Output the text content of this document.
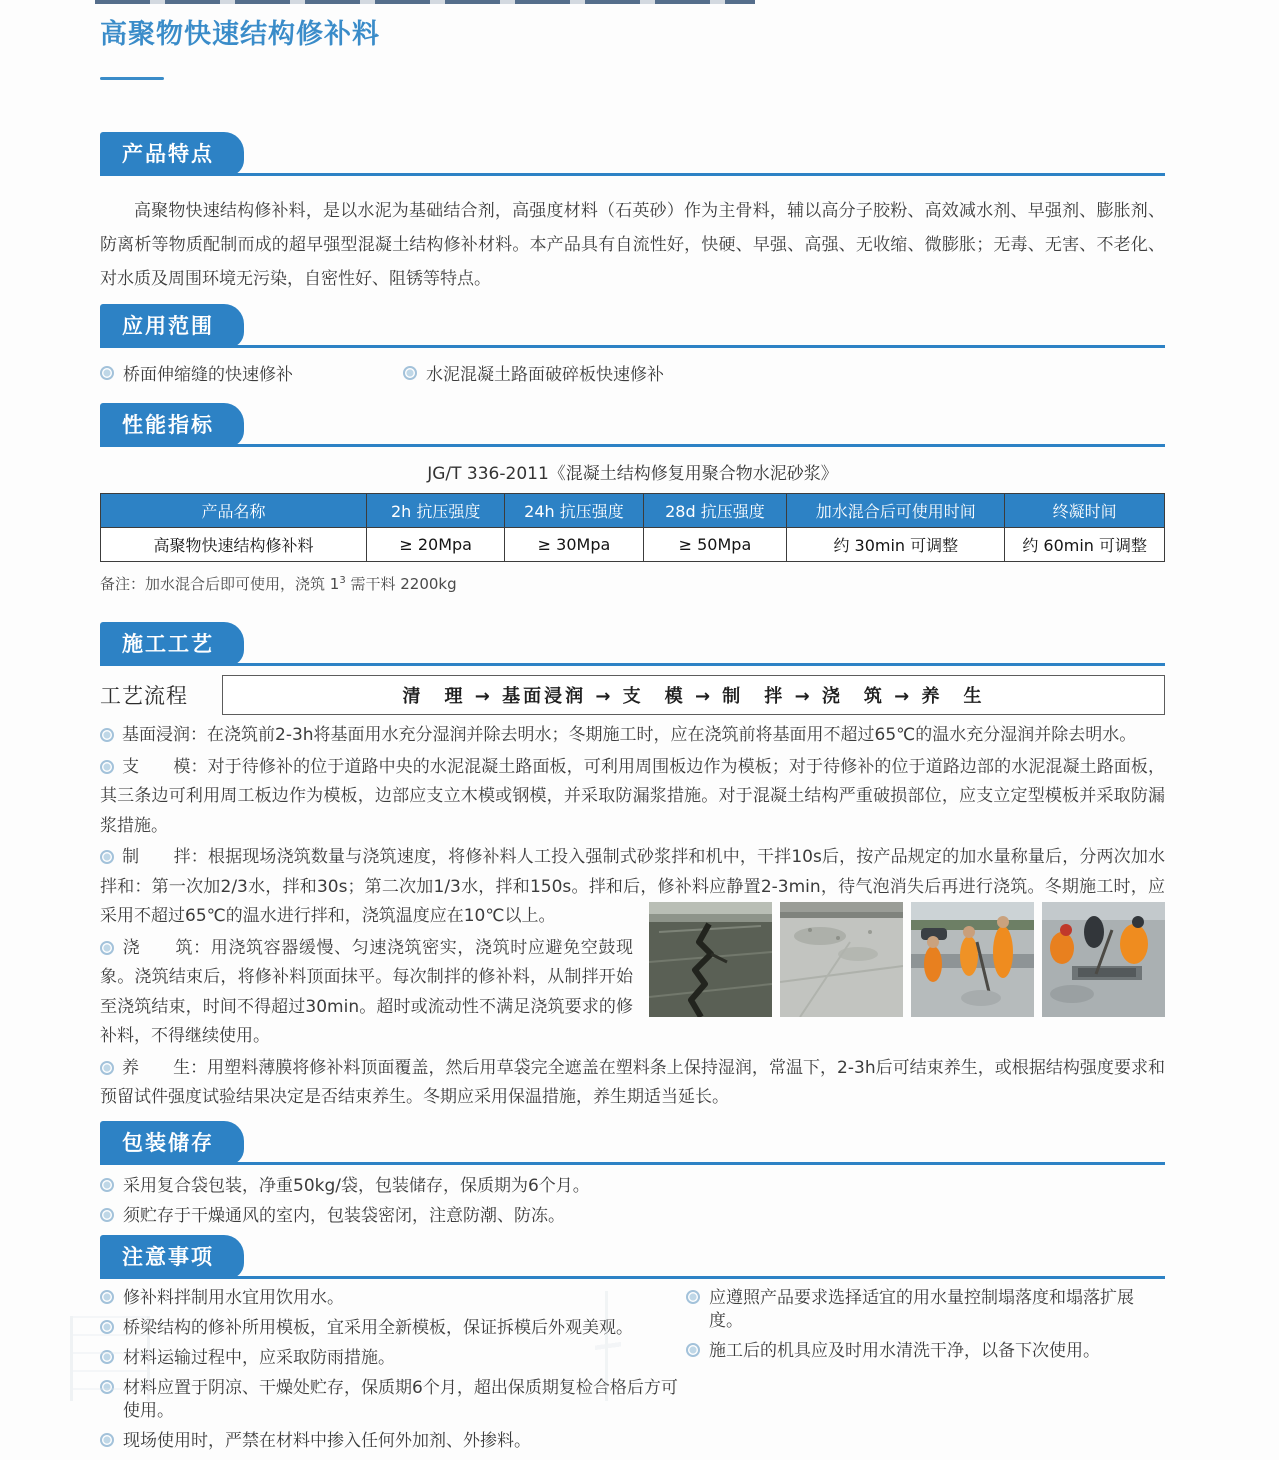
高聚物快速结构修补料
产品特点

高聚物快速结构修补料，是以水泥为基础结合剂，高强度材料（石英砂）作为主骨料，辅以高分子胶粉、高效减水剂、早强剂、膨胀剂、防离析等物质配制而成的超早强型混凝土结构修补材料。本产品具有自流性好，快硬、早强、高强、无收缩、微膨胀；无毒、无害、不老化、对水质及周围环境无污染，自密性好、阻锈等特点。

应用范围
桥面伸缩缝的快速修补	水泥混凝土路面破碎板快速修补
性能指标
JG/T 336-2011《混凝土结构修复用聚合物水泥砂浆》
产品名称	2h 抗压强度	24h 抗压强度	28d 抗压强度	加水混合后可使用时间	终凝时间
高聚物快速结构修补料	≥ 20Mpa	≥ 30Mpa	≥ 50Mpa	约 30min 可调整	约 60min 可调整
备注：加水混合后即可使用，浇筑 $1^3$ 需干料 2200kg
施工工艺
工艺流程	清　理 → 基面浸润 → 支　模 → 制　拌 → 浇　筑 → 养　生

基面浸润：在浇筑前2-3h将基面用水充分湿润并除去明水；冬期施工时，应在浇筑前将基面用不超过65℃的温水充分湿润并除去明水。

支　　模：对于待修补的位于道路中央的水泥混凝土路面板，可利用周围板边作为模板；对于待修补的位于道路边部的水泥混凝土路面板，其三条边可利用周工板边作为模板，边部应支立木模或钢模，并采取防漏浆措施。对于混凝土结构严重破损部位，应支立定型模板并采取防漏浆措施。

制　　拌：根据现场浇筑数量与浇筑速度，将修补料人工投入强制式砂浆拌和机中，干拌10s后，按产品规定的加水量称量后，分两次加水拌和：第一次加2/3水，拌和30s；第二次加1/3水，拌和150s。拌和后，修补料应静置2-3min，待气泡消失后再进行浇筑。冬期施工时，应采用不超过65℃的温水进行拌和，浇筑温度应在10℃以上。

浇　　筑：用浇筑容器缓慢、匀速浇筑密实，浇筑时应避免空鼓现象。浇筑结束后，将修补料顶面抹平。每次制拌的修补料，从制拌开始至浇筑结束，时间不得超过30min。超时或流动性不满足浇筑要求的修补料，不得继续使用。

养　　生：用塑料薄膜将修补料顶面覆盖，然后用草袋完全遮盖在塑料条上保持湿润，常温下，2-3h后可结束养生，或根据结构强度要求和预留试件强度试验结果决定是否结束养生。冬期应采用保温措施，养生期适当延长。

包装储存
采用复合袋包装，净重50kg/袋，包装储存，保质期为6个月。
须贮存于干燥通风的室内，包装袋密闭，注意防潮、防冻。
注意事项
修补料拌制用水宜用饮用水。
桥梁结构的修补所用模板，宜采用全新模板，保证拆模后外观美观。
材料运输过程中，应采取防雨措施。
材料应置于阴凉、干燥处贮存，保质期6个月，超出保质期复检合格后方可使用。
现场使用时，严禁在材料中掺入任何外加剂、外掺料。
应遵照产品要求选择适宜的用水量控制塌落度和塌落扩展度。
施工后的机具应及时用水清洗干净，以备下次使用。
